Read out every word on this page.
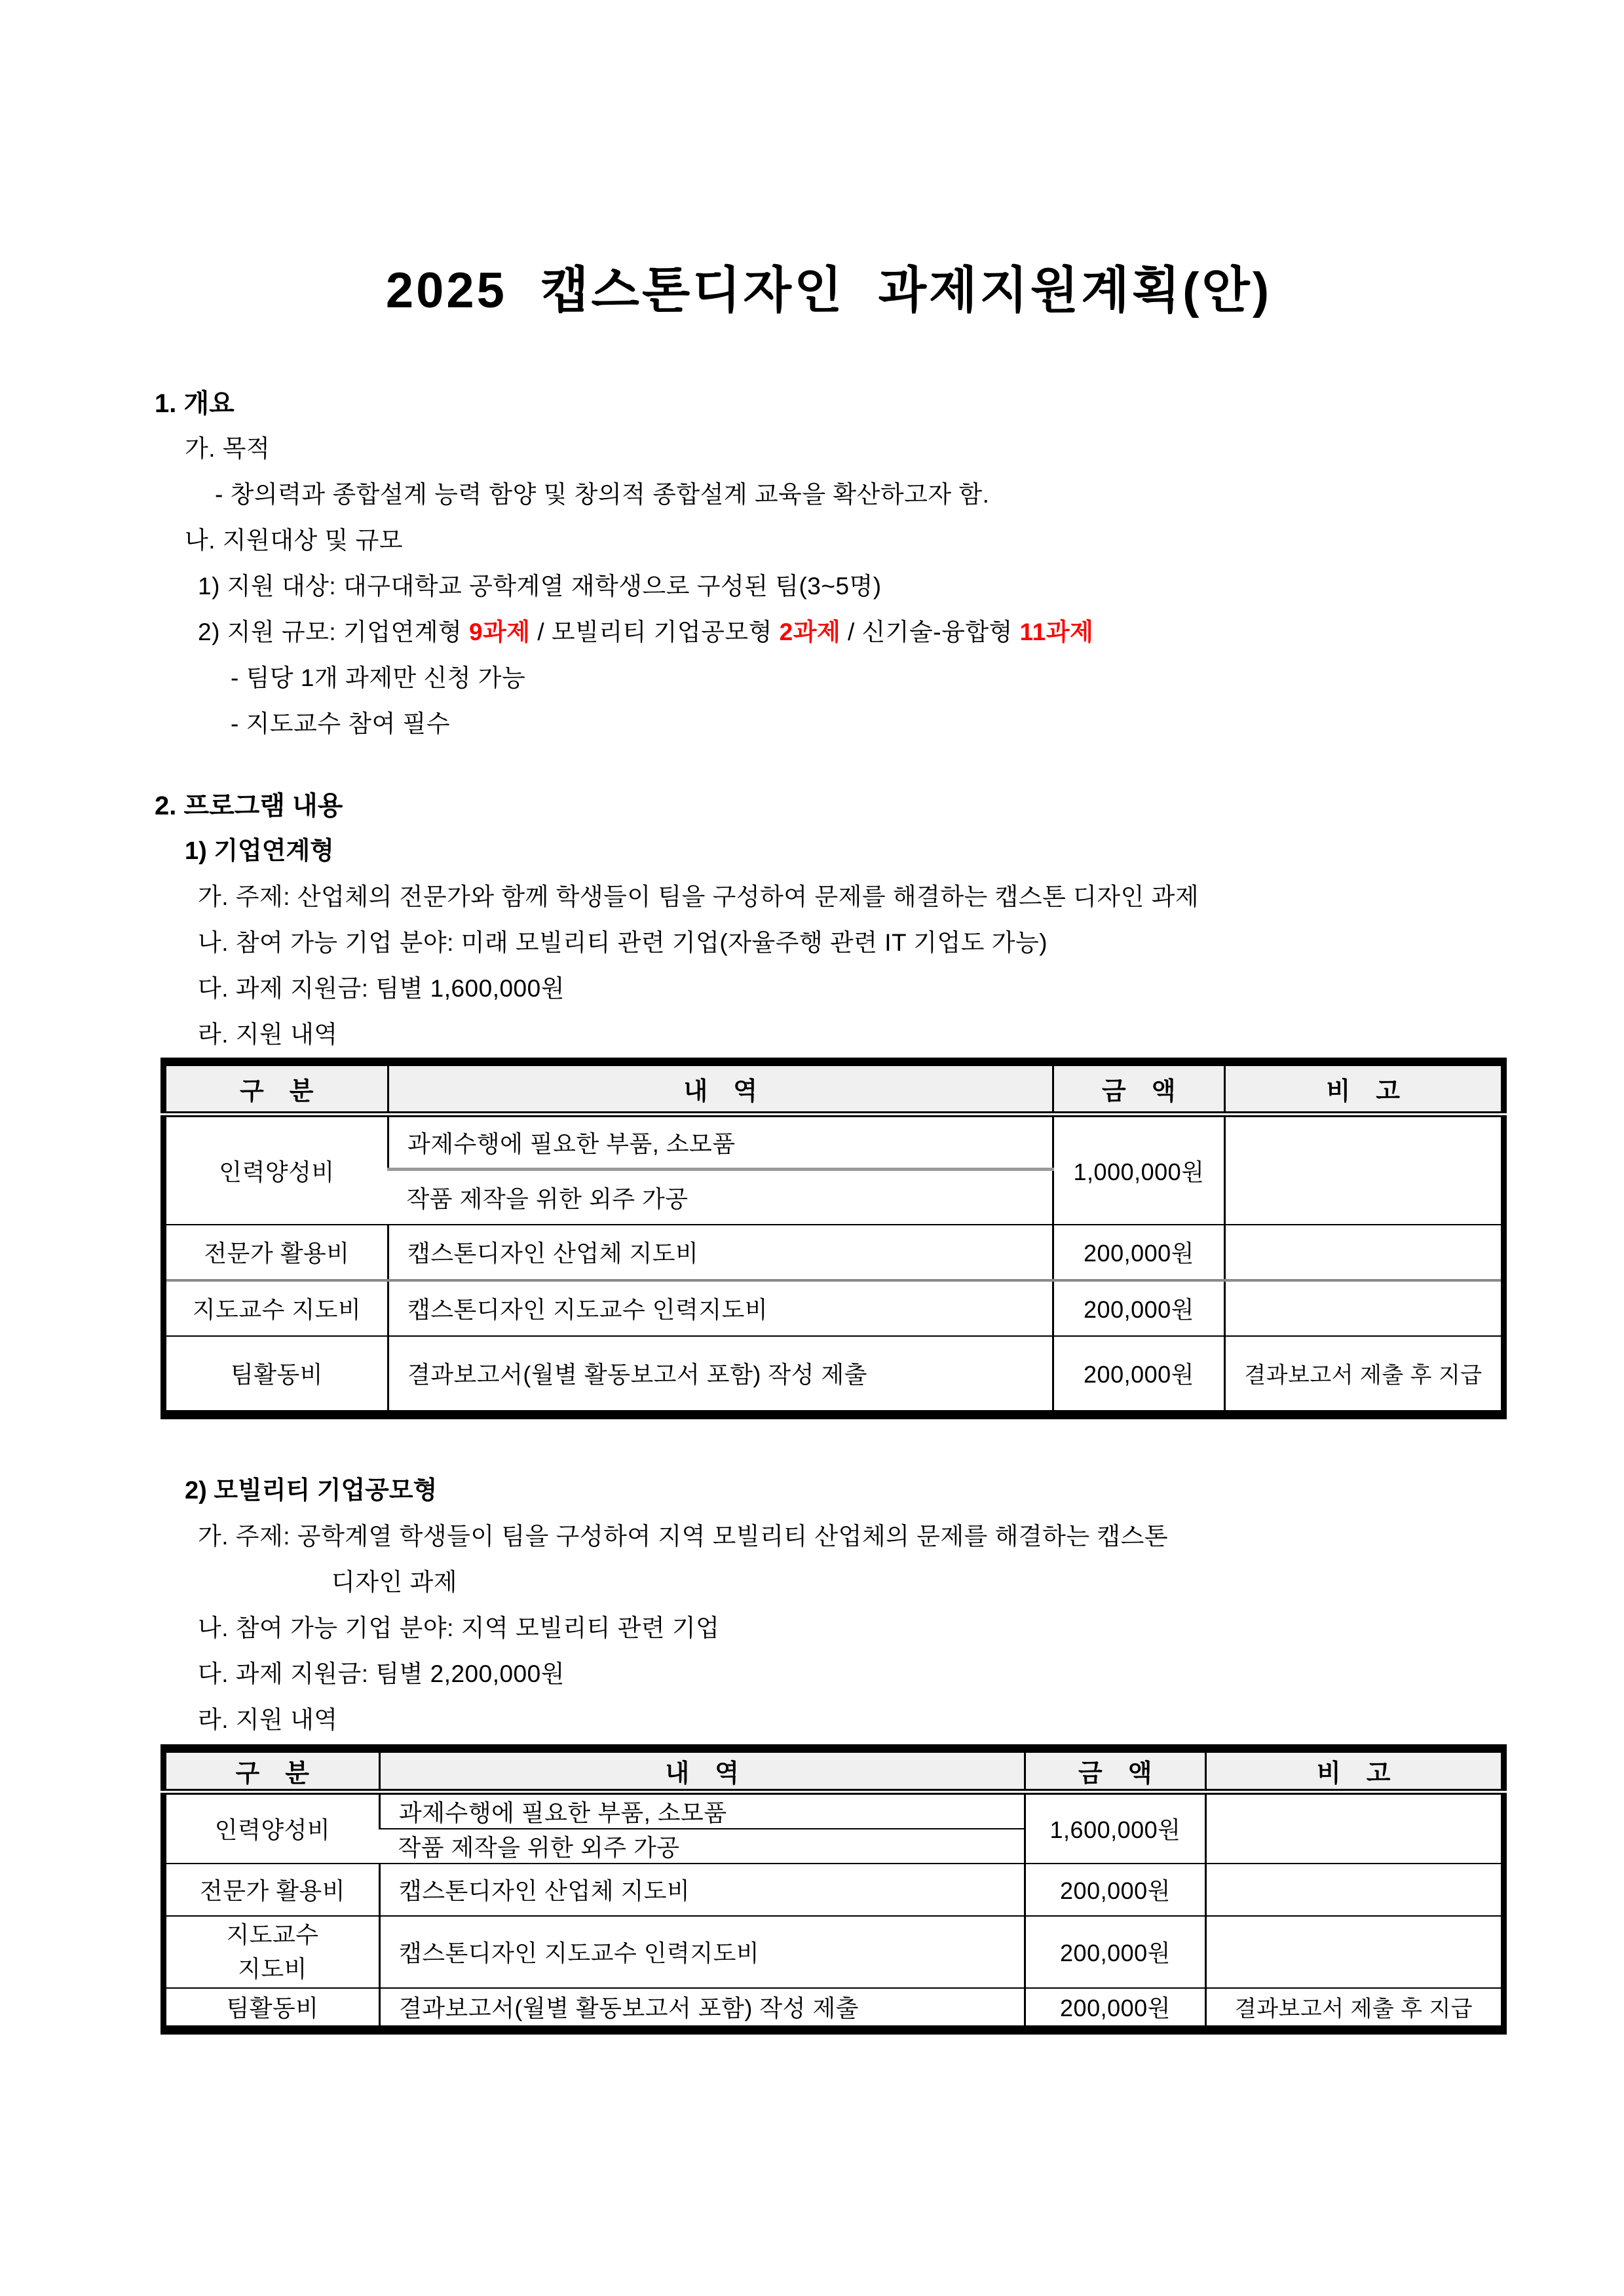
2025 캡스톤디자인 과제지원계획(안)
1. 개요
가. 목적
- 창의력과 종합설계 능력 함양 및 창의적 종합설계 교육을 확산하고자 함.
나. 지원대상 및 규모
1) 지원 대상: 대구대학교 공학계열 재학생으로 구성된 팀(3~5명)
2) 지원 규모: 기업연계형 9과제 / 모빌리티 기업공모형 2과제 / 신기술-융합형 11과제
- 팀당 1개 과제만 신청 가능
- 지도교수 참여 필수
2. 프로그램 내용
1) 기업연계형
가. 주제: 산업체의 전문가와 함께 학생들이 팀을 구성하여 문제를 해결하는 캡스톤 디자인 과제
나. 참여 가능 기업 분야: 미래 모빌리티 관련 기업(자율주행 관련 IT 기업도 가능)
다. 과제 지원금: 팀별 1,600,000원
라. 지원 내역
구　분	내　역	금　액	비　고
인력양성비	과제수행에 필요한 부품, 소모품	1,000,000원	
	작품 제작을 위한 외주 가공		
전문가 활용비	캡스톤디자인 산업체 지도비	200,000원	
지도교수 지도비	캡스톤디자인 지도교수 인력지도비	200,000원	
팀활동비	결과보고서(월별 활동보고서 포함) 작성 제출	200,000원	결과보고서 제출 후 지급
2) 모빌리티 기업공모형
가. 주제: 공학계열 학생들이 팀을 구성하여 지역 모빌리티 산업체의 문제를 해결하는 캡스톤
디자인 과제
나. 참여 가능 기업 분야: 지역 모빌리티 관련 기업
다. 과제 지원금: 팀별 2,200,000원
라. 지원 내역
구　분	내　역	금　액	비　고
인력양성비	과제수행에 필요한 부품, 소모품	1,600,000원	
	작품 제작을 위한 외주 가공		
전문가 활용비	캡스톤디자인 산업체 지도비	200,000원	
지도교수
지도비	캡스톤디자인 지도교수 인력지도비	200,000원	
팀활동비	결과보고서(월별 활동보고서 포함) 작성 제출	200,000원	결과보고서 제출 후 지급
